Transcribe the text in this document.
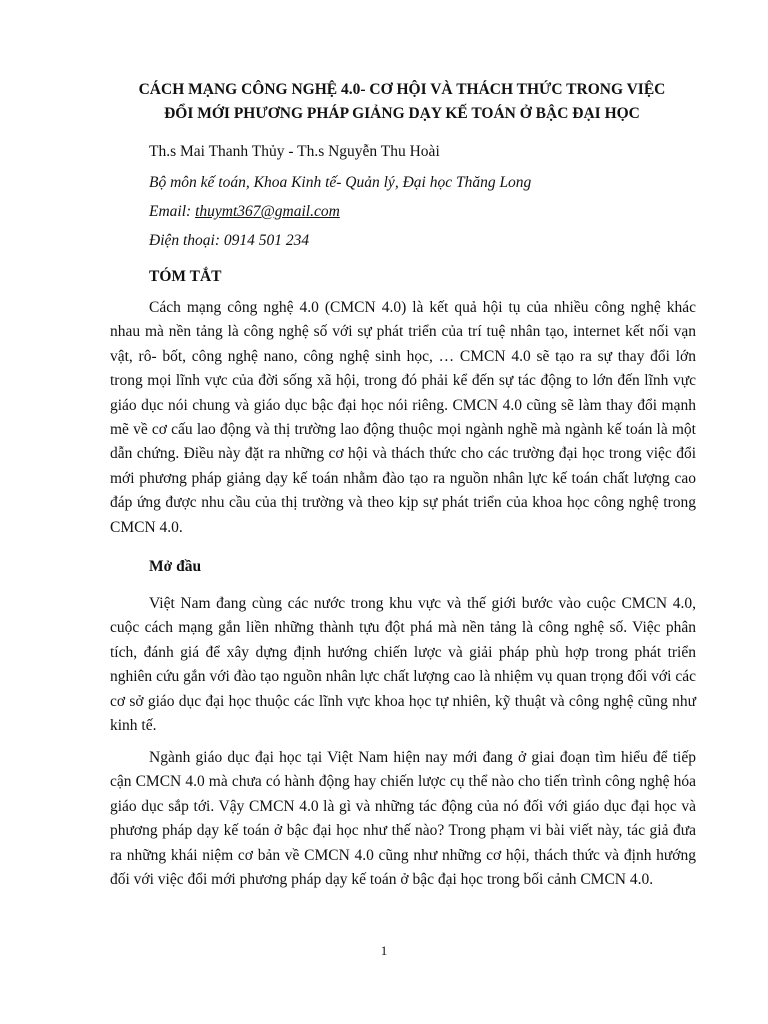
CÁCH MẠNG CÔNG NGHỆ 4.0- CƠ HỘI VÀ THÁCH THỨC TRONG VIỆC

ĐỔI MỚI PHƯƠNG PHÁP GIẢNG DẠY KẾ TOÁN Ở BẬC ĐẠI HỌC

Th.s Mai Thanh Thủy - Th.s Nguyễn Thu Hoài

Bộ môn kế toán, Khoa Kinh tế- Quản lý, Đại học Thăng Long

Email: thuymt367@gmail.com

Điện thoại: 0914 501 234

TÓM TẮT

Cách mạng công nghệ 4.0 (CMCN 4.0) là kết quả hội tụ của nhiều công nghệ khác nhau mà nền tảng là công nghệ số với sự phát triển của trí tuệ nhân tạo, internet kết nối vạn vật, rô- bốt, công nghệ nano, công nghệ sinh học, … CMCN 4.0 sẽ tạo ra sự thay đổi lớn trong mọi lĩnh vực của đời sống xã hội, trong đó phải kể đến sự tác động to lớn đến lĩnh vực giáo dục nói chung và giáo dục bậc đại học nói riêng. CMCN 4.0 cũng sẽ làm thay đổi mạnh mẽ về cơ cấu lao động và thị trường lao động thuộc mọi ngành nghề mà ngành kế toán là một dẫn chứng. Điều này đặt ra những cơ hội và thách thức cho các trường đại học trong việc đổi mới phương pháp giảng dạy kế toán nhằm đào tạo ra nguồn nhân lực kế toán chất lượng cao đáp ứng được nhu cầu của thị trường và theo kịp sự phát triển của khoa học công nghệ trong CMCN 4.0.

Mở đầu

Việt Nam đang cùng các nước trong khu vực và thế giới bước vào cuộc CMCN 4.0, cuộc cách mạng gắn liền những thành tựu đột phá mà nền tảng là công nghệ số. Việc phân tích, đánh giá để xây dựng định hướng chiến lược và giải pháp phù hợp trong phát triển nghiên cứu gắn với đào tạo nguồn nhân lực chất lượng cao là nhiệm vụ quan trọng đối với các cơ sở giáo dục đại học thuộc các lĩnh vực khoa học tự nhiên, kỹ thuật và công nghệ cũng như kinh tế.

Ngành giáo dục đại học tại Việt Nam hiện nay mới đang ở giai đoạn tìm hiểu để tiếp cận CMCN 4.0 mà chưa có hành động hay chiến lược cụ thể nào cho tiến trình công nghệ hóa giáo dục sắp tới. Vậy CMCN 4.0 là gì và những tác động của nó đối với giáo dục đại học và phương pháp dạy kế toán ở bậc đại học như thế nào? Trong phạm vi bài viết này, tác giả đưa ra những khái niệm cơ bản về CMCN 4.0 cũng như những cơ hội, thách thức và định hướng đối với việc đổi mới phương pháp dạy kế toán ở bậc đại học trong bối cảnh CMCN 4.0.

1
